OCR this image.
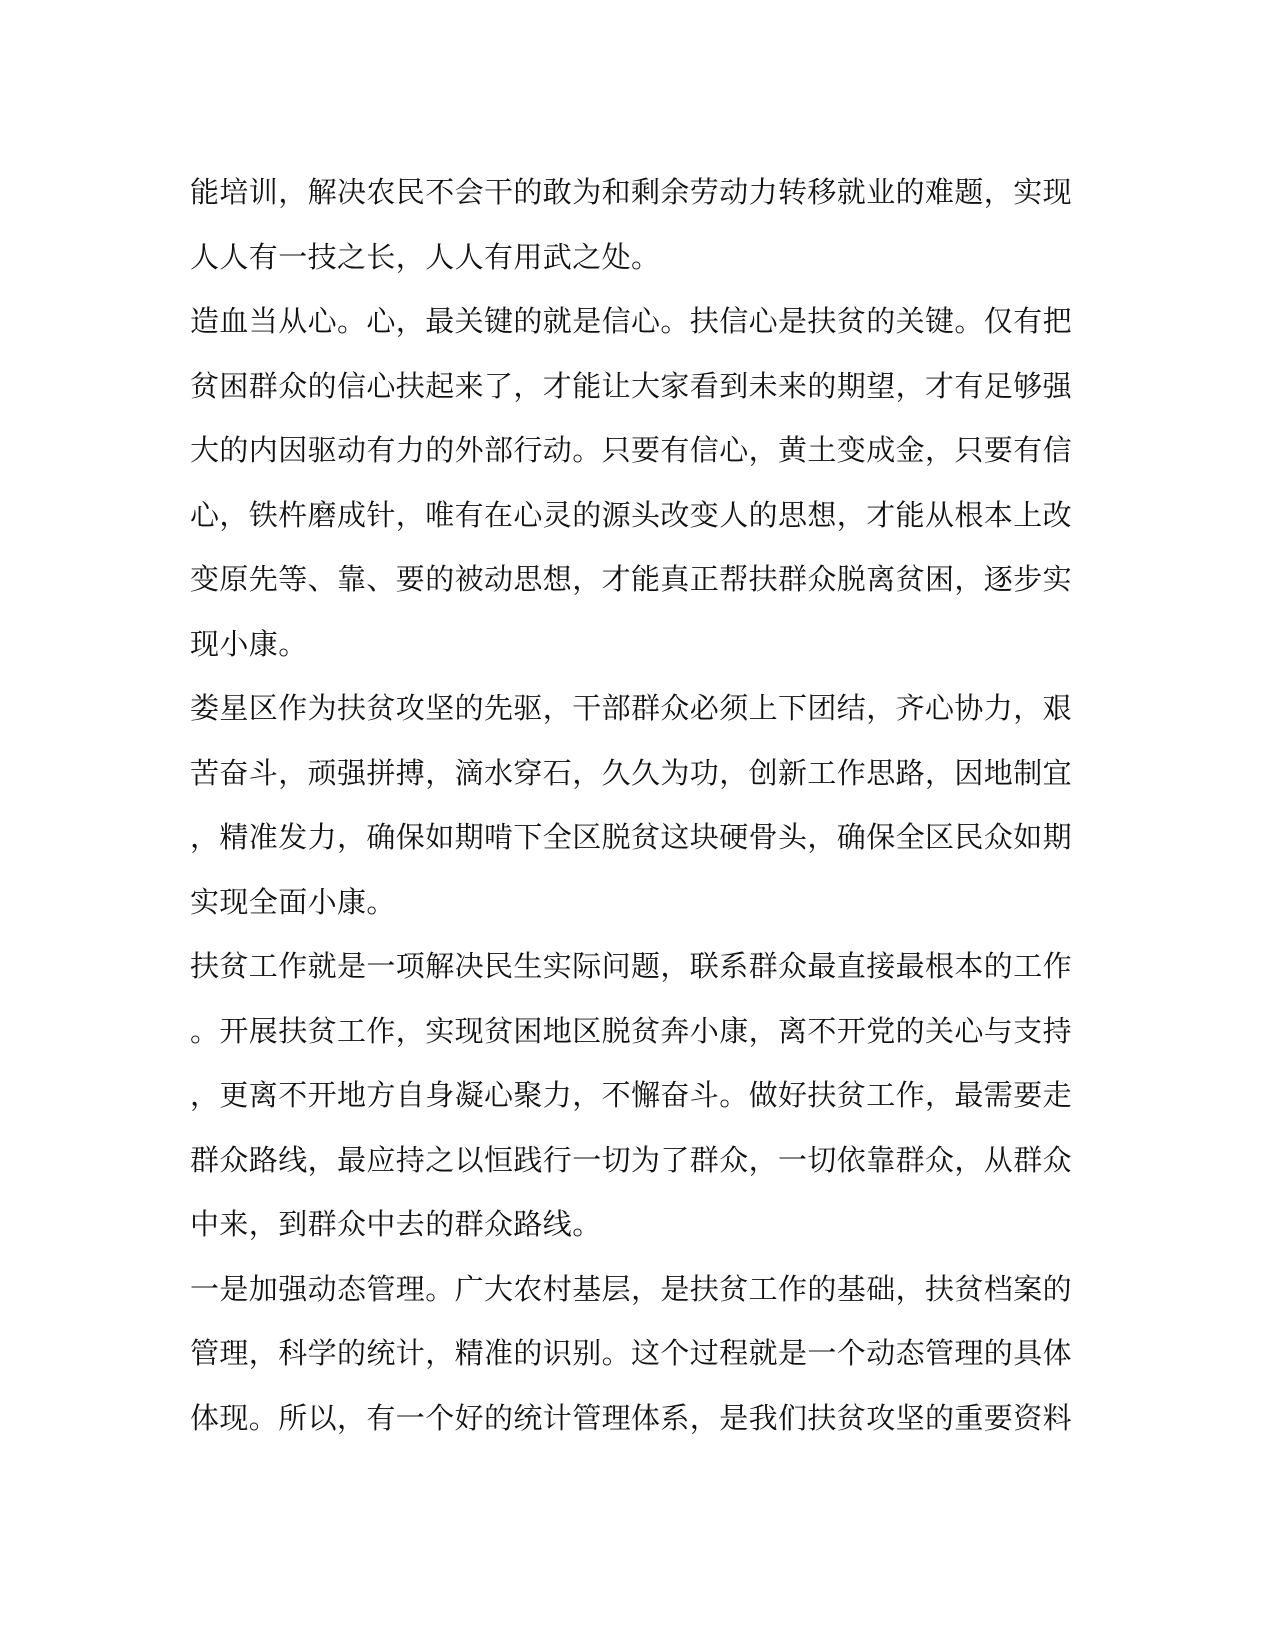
能培训，解决农民不会干的敢为和剩余劳动力转移就业的难题，实现
人人有一技之长，人人有用武之处。
造血当从心。心，最关键的就是信心。扶信心是扶贫的关键。仅有把
贫困群众的信心扶起来了，才能让大家看到未来的期望，才有足够强
大的内因驱动有力的外部行动。只要有信心，黄土变成金，只要有信
心，铁杵磨成针，唯有在心灵的源头改变人的思想，才能从根本上改
变原先等、靠、要的被动思想，才能真正帮扶群众脱离贫困，逐步实
现小康。
娄星区作为扶贫攻坚的先驱，干部群众必须上下团结，齐心协力，艰
苦奋斗，顽强拼搏，滴水穿石，久久为功，创新工作思路，因地制宜
，精准发力，确保如期啃下全区脱贫这块硬骨头，确保全区民众如期
实现全面小康。
扶贫工作就是一项解决民生实际问题，联系群众最直接最根本的工作
。开展扶贫工作，实现贫困地区脱贫奔小康，离不开党的关心与支持
，更离不开地方自身凝心聚力，不懈奋斗。做好扶贫工作，最需要走
群众路线，最应持之以恒践行一切为了群众，一切依靠群众，从群众
中来，到群众中去的群众路线。
一是加强动态管理。广大农村基层，是扶贫工作的基础，扶贫档案的
管理，科学的统计，精准的识别。这个过程就是一个动态管理的具体
体现。所以，有一个好的统计管理体系，是我们扶贫攻坚的重要资料
